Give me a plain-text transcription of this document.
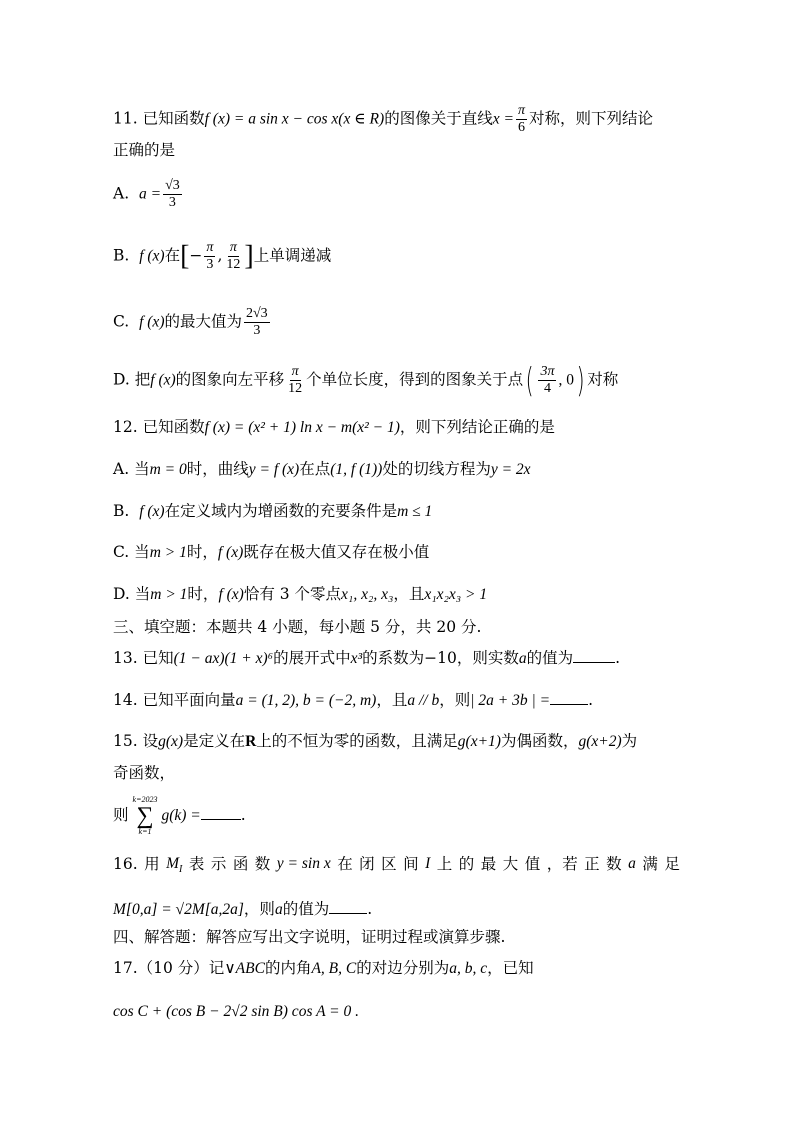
11. 已知函数f (x) = a sin x − cos x(x ∈ R)的图像关于直线$x = \frac{\pi}{6}$ 对称，则下列结论
正确的是
A. $a = \frac{√3}{3}$
B. f (x)在[− $\frac{\pi}{3}$ , $\frac{\pi}{12}$ ]上单调递减
C. f (x)的最大值为 $\frac{2√3}{3}$
D. 把f (x)的图象向左平移 $\frac{\pi}{12}$ 个单位长度，得到的图象关于点( $\frac{3\pi}{4}$ , 0) 对称
12. 已知函数f (x) = (x² + 1) ln x − m(x² − 1)，则下列结论正确的是
A. 当m = 0时，曲线y = f (x)在点(1, f (1))处的切线方程为y = 2x
B. f (x)在定义域内为增函数的充要条件是m ≤ 1
C. 当m > 1时，f (x)既存在极大值又存在极小值
D. 当m > 1时，f (x)恰有 3 个零点x₁, x₂, x₃，且x₁x₂x₃ > 1
三、填空题：本题共 4 小题，每小题 5 分，共 20 分.
13. 已知(1 − ax)(1 + x)⁶的展开式中x³的系数为−10，则实数a的值为	.
14. 已知平面向量a = (1, 2), b = (−2, m)，且a // b，则| 2a + 3b | = .
15. 设g(x)是定义在R上的不恒为零的函数，且满足g(x+1)为偶函数，g(x+2)为
奇函数，
则
k=2023
∑
k=1
g(k) =	.
16. 用 $M_I$ 表 示 函 数 y = sin x 在 闭 区 间 I 上 的 最 大 值 ，若 正 数 a 满 足
M[0,a] = √2M[a,2a]，则a的值为 .
四、解答题：解答应写出文字说明，证明过程或演算步骤.
17.（10 分）记∨ABC的内角A, B, C的对边分别为a, b, c，已知
cos C + (cos B − 2√2 sin B) cos A = 0 .
